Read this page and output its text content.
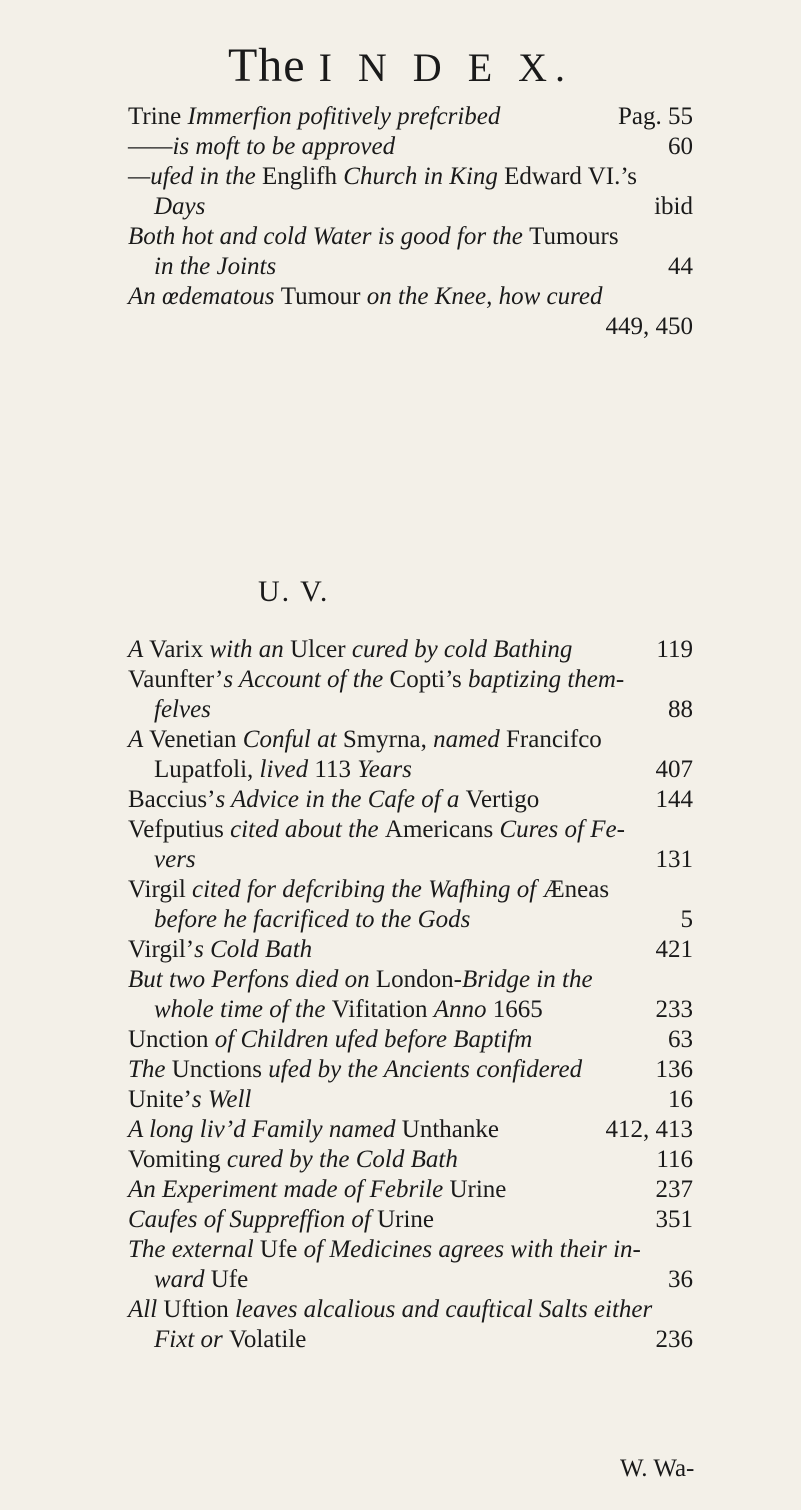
The I N D E X.
Trine Immerfion pofitively prefcribed	Pag. 55
——is moft to be approved	60
—ufed in the Englifh Church in King Edward VI.’s
Days	ibid
Both hot and cold Water is good for the Tumours
in the Joints	44
An œdematous Tumour on the Knee, how cured
449, 450
U. V.
A Varix with an Ulcer cured by cold Bathing	119
Vaunfter’s Account of the Copti’s baptizing them-
felves	88
A Venetian Conful at Smyrna, named Francifco
Lupatfoli, lived 113 Years	407
Baccius’s Advice in the Cafe of a Vertigo	144
Vefputius cited about the Americans Cures of Fe-
vers	131
Virgil cited for defcribing the Wafhing of Æneas
before he facrificed to the Gods	5
Virgil’s Cold Bath	421
But two Perfons died on London-Bridge in the
whole time of the Vifitation Anno 1665	233
Unction of Children ufed before Baptifm	63
The Unctions ufed by the Ancients confidered	136
Unite’s Well	16
A long liv’d Family named Unthanke	412, 413
Vomiting cured by the Cold Bath	116
An Experiment made of Febrile Urine	237
Caufes of Suppreffion of Urine	351
The external Ufe of Medicines agrees with their in-
ward Ufe	36
All Uftion leaves alcalious and cauftical Salts either
Fixt or Volatile	236
W. Wa-
